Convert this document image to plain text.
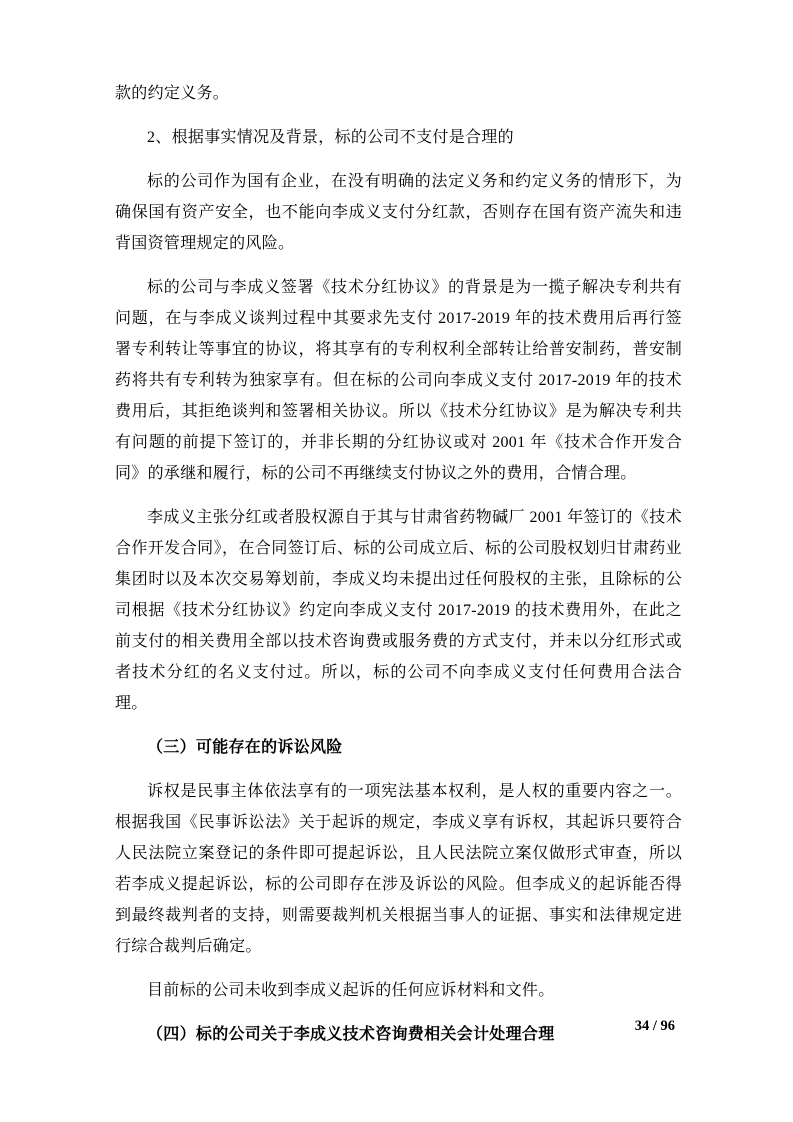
款的约定义务。

2、根据事实情况及背景，标的公司不支付是合理的

标的公司作为国有企业，在没有明确的法定义务和约定义务的情形下，为确保国有资产安全，也不能向李成义支付分红款，否则存在国有资产流失和违背国资管理规定的风险。

标的公司与李成义签署《技术分红协议》的背景是为一揽子解决专利共有问题，在与李成义谈判过程中其要求先支付 2017-2019 年的技术费用后再行签署专利转让等事宜的协议，将其享有的专利权利全部转让给普安制药，普安制药将共有专利转为独家享有。但在标的公司向李成义支付 2017-2019 年的技术费用后，其拒绝谈判和签署相关协议。所以《技术分红协议》是为解决专利共有问题的前提下签订的，并非长期的分红协议或对 2001 年《技术合作开发合同》的承继和履行，标的公司不再继续支付协议之外的费用，合情合理。

李成义主张分红或者股权源自于其与甘肃省药物碱厂 2001 年签订的《技术合作开发合同》，在合同签订后、标的公司成立后、标的公司股权划归甘肃药业集团时以及本次交易筹划前，李成义均未提出过任何股权的主张，且除标的公司根据《技术分红协议》约定向李成义支付 2017-2019 的技术费用外，在此之前支付的相关费用全部以技术咨询费或服务费的方式支付，并未以分红形式或者技术分红的名义支付过。所以，标的公司不向李成义支付任何费用合法合理。

（三）可能存在的诉讼风险

诉权是民事主体依法享有的一项宪法基本权利，是人权的重要内容之一。根据我国《民事诉讼法》关于起诉的规定，李成义享有诉权，其起诉只要符合人民法院立案登记的条件即可提起诉讼，且人民法院立案仅做形式审查，所以若李成义提起诉讼，标的公司即存在涉及诉讼的风险。但李成义的起诉能否得到最终裁判者的支持，则需要裁判机关根据当事人的证据、事实和法律规定进行综合裁判后确定。

目前标的公司未收到李成义起诉的任何应诉材料和文件。

（四）标的公司关于李成义技术咨询费相关会计处理合理	34 / 96
